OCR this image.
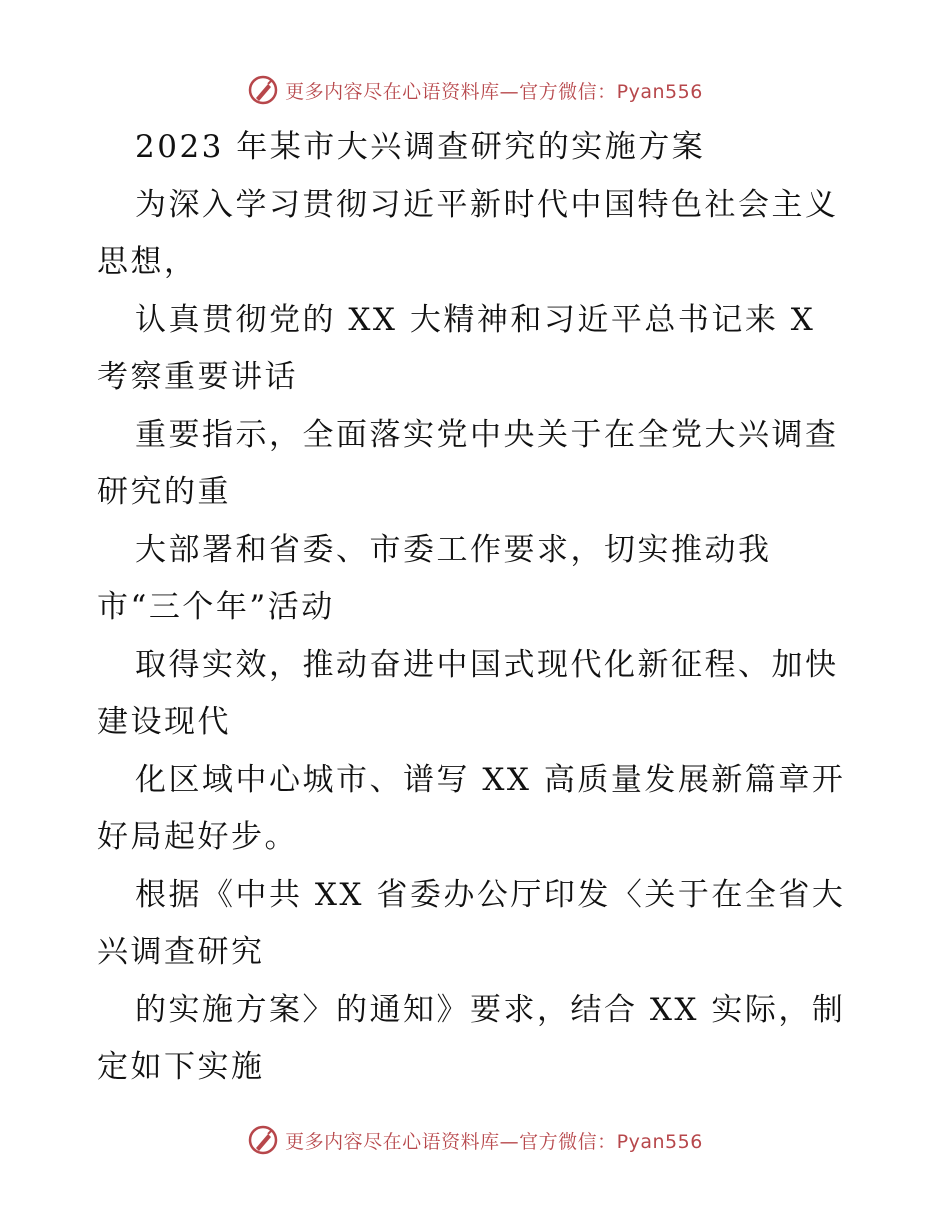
更多内容尽在心语资料库—官方微信：Pyan556
2023 年某市大兴调查研究的实施方案
为深入学习贯彻习近平新时代中国特色社会主义
思想，
认真贯彻党的 XX 大精神和习近平总书记来 X
考察重要讲话
重要指示，全面落实党中央关于在全党大兴调查
研究的重
大部署和省委、市委工作要求，切实推动我
市“三个年”活动
取得实效，推动奋进中国式现代化新征程、加快
建设现代
化区域中心城市、谱写 XX 高质量发展新篇章开
好局起好步。
根据《中共 XX 省委办公厅印发〈关于在全省大
兴调查研究
的实施方案〉的通知》要求，结合 XX 实际，制
定如下实施
更多内容尽在心语资料库—官方微信：Pyan556
